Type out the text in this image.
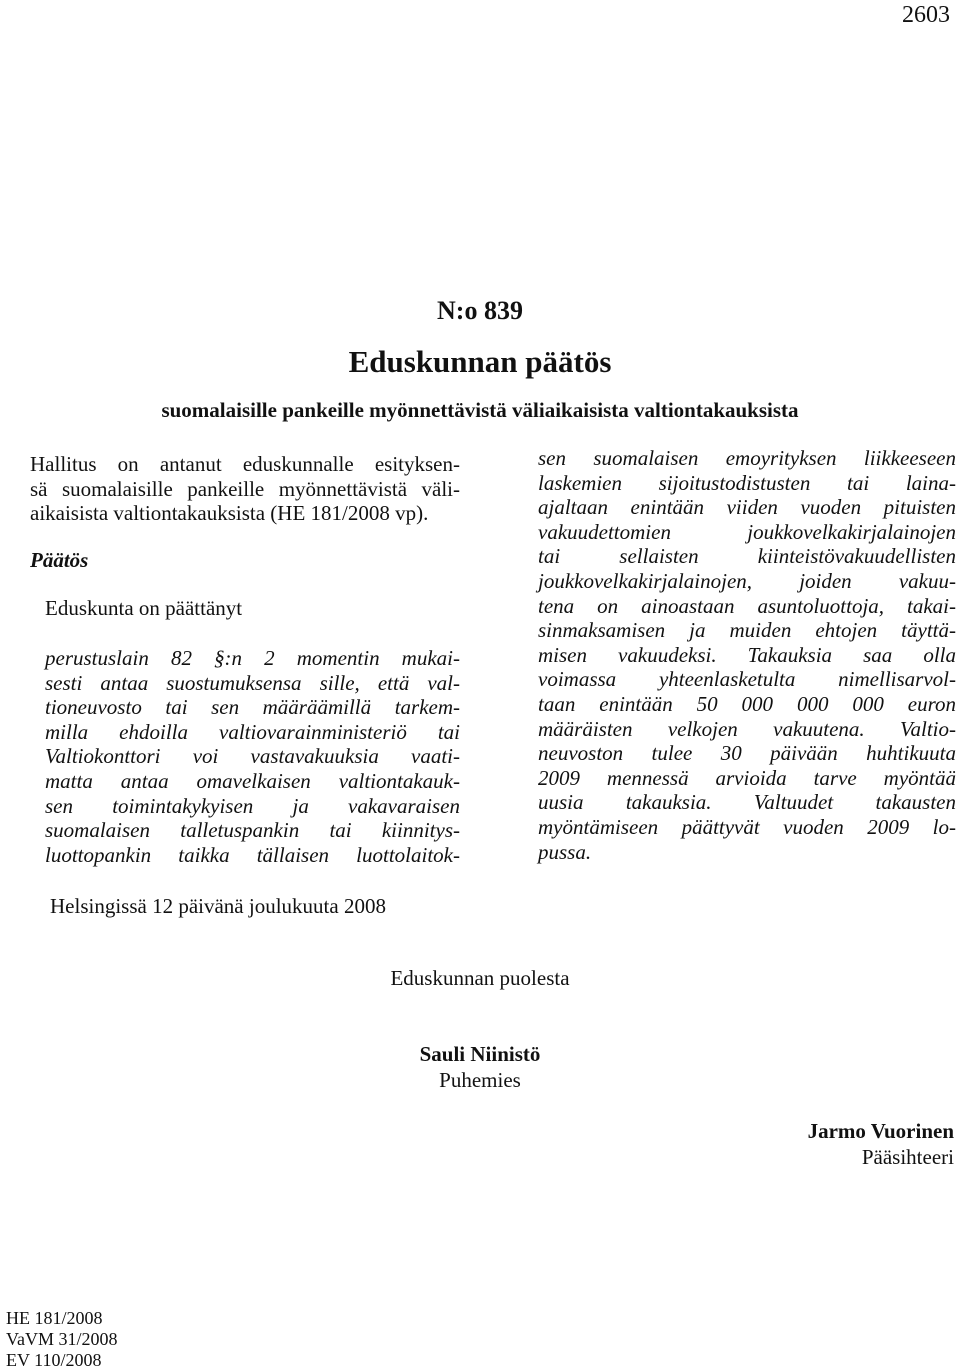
2603
N:o 839
Eduskunnan päätös
suomalaisille pankeille myönnettävistä väliaikaisista valtiontakauksista
Hallitus on antanut eduskunnalle esityksen-
sä suomalaisille pankeille myönnettävistä väli-
aikaisista valtiontakauksista (HE 181/2008 vp).
Päätös
Eduskunta on päättänyt
perustuslain 82 §:n 2 momentin mukai-
sesti antaa suostumuksensa sille, että val-
tioneuvosto tai sen määräämillä tarkem-
milla ehdoilla valtiovarainministeriö tai
Valtiokonttori voi vastavakuuksia vaati-
matta antaa omavelkaisen valtiontakauk-
sen toimintakykyisen ja vakavaraisen
suomalaisen talletuspankin tai kiinnitys-
luottopankin taikka tällaisen luottolaitok-
sen suomalaisen emoyrityksen liikkeeseen
laskemien sijoitustodistusten tai laina-
ajaltaan enintään viiden vuoden pituisten
vakuudettomien joukkovelkakirjalainojen
tai sellaisten kiinteistövakuudellisten
joukkovelkakirjalainojen, joiden vakuu-
tena on ainoastaan asuntoluottoja, takai-
sinmaksamisen ja muiden ehtojen täyttä-
misen vakuudeksi. Takauksia saa olla
voimassa yhteenlasketulta nimellisarvol-
taan enintään 50 000 000 000 euron
määräisten velkojen vakuutena. Valtio-
neuvoston tulee 30 päivään huhtikuuta
2009 mennessä arvioida tarve myöntää
uusia takauksia. Valtuudet takausten
myöntämiseen päättyvät vuoden 2009 lo-
pussa.
Helsingissä 12 päivänä joulukuuta 2008
Eduskunnan puolesta
Sauli Niinistö
Puhemies
Jarmo Vuorinen
Pääsihteeri
HE 181/2008
VaVM 31/2008
EV 110/2008
